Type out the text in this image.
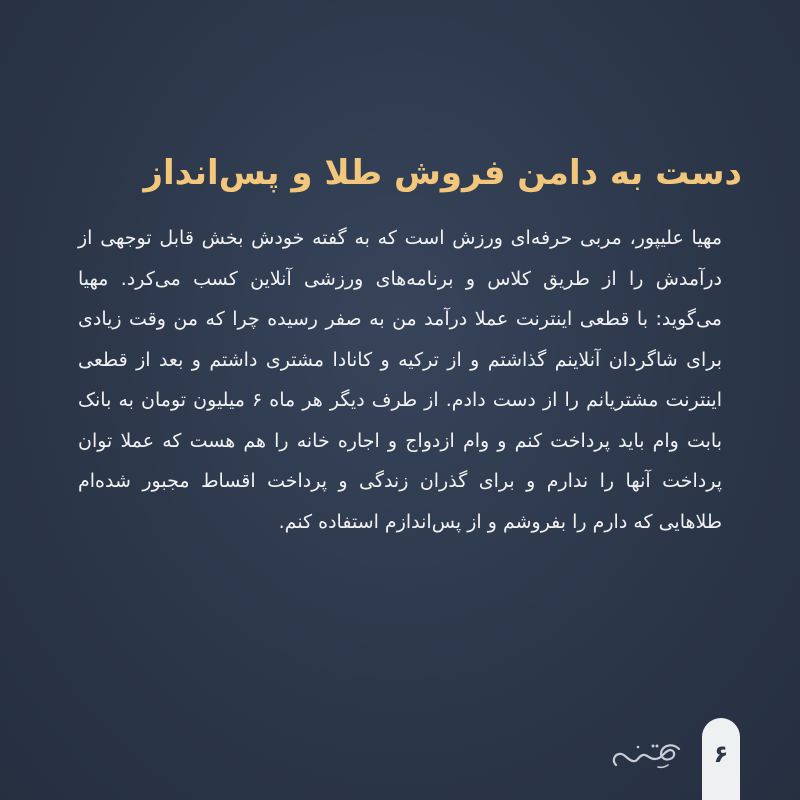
دست به دامن فروش طلا و پس‌انداز

مهیا علیپور، مربی حرفه‌ای ورزش است که به گفته خودش بخش قابل توجهی از درآمدش را از طریق کلاس و برنامه‌های ورزشی آنلاین کسب می‌کرد. مهیا می‌گوید: با قطعی اینترنت عملا درآمد من به صفر رسیده چرا که من وقت زیادی برای شاگردان آنلاینم گذاشتم و از ترکیه و کانادا مشتری داشتم و بعد از قطعی اینترنت مشتریانم را از دست دادم. از طرف دیگر هر ماه ۶ میلیون تومان به بانک بابت وام باید پرداخت کنم و وام ازدواج و اجاره خانه را هم هست که عملا توان پرداخت آنها را ندارم و برای گذران زندگی و پرداخت اقساط مجبور شده‌ام طلاهایی که دارم را بفروشم و از پس‌اندازم استفاده کنم.

۶
